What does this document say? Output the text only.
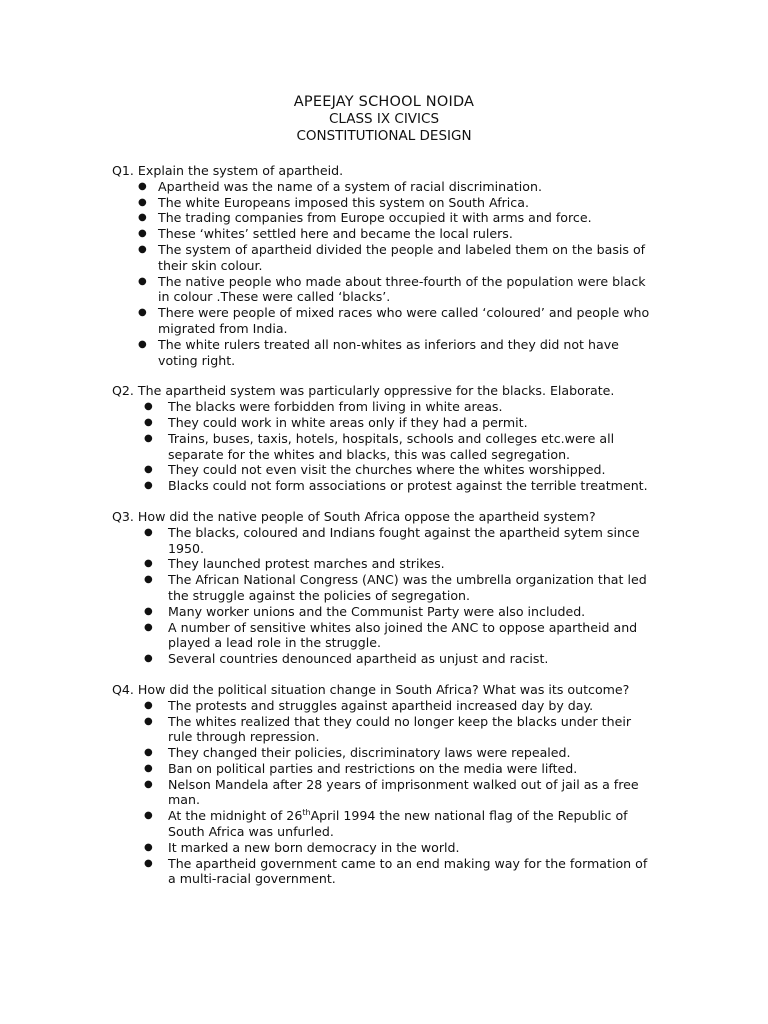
APEEJAY SCHOOL NOIDA
CLASS IX CIVICS
CONSTITUTIONAL DESIGN
Q1. Explain the system of apartheid.
● Apartheid was the name of a system of racial discrimination.
● The white Europeans imposed this system on South Africa.
● The trading companies from Europe occupied it with arms and force.
● These ‘whites’ settled here and became the local rulers.
● The system of apartheid divided the people and labeled them on the basis of their skin colour.
● The native people who made about three-fourth of the population were black in colour .These were called ‘blacks’.
● There were people of mixed races who were called ‘coloured’ and people who migrated from India.
● The white rulers treated all non-whites as inferiors and they did not have voting right.
Q2. The apartheid system was particularly oppressive for the blacks. Elaborate.
● The blacks were forbidden from living in white areas.
● They could work in white areas only if they had a permit.
● Trains, buses, taxis, hotels, hospitals, schools and colleges etc.were all separate for the whites and blacks, this was called segregation.
● They could not even visit the churches where the whites worshipped.
● Blacks could not form associations or protest against the terrible treatment.
Q3. How did the native people of South Africa oppose the apartheid system?
● The blacks, coloured and Indians fought against the apartheid sytem since 1950.
● They launched protest marches and strikes.
● The African National Congress (ANC) was the umbrella organization that led the struggle against the policies of segregation.
● Many worker unions and the Communist Party were also included.
● A number of sensitive whites also joined the ANC to oppose apartheid and played a lead role in the struggle.
● Several countries denounced apartheid as unjust and racist.
Q4. How did the political situation change in South Africa? What was its outcome?
● The protests and struggles against apartheid increased day by day.
● The whites realized that they could no longer keep the blacks under their rule through repression.
● They changed their policies, discriminatory laws were repealed.
● Ban on political parties and restrictions on the media were lifted.
● Nelson Mandela after 28 years of imprisonment walked out of jail as a free man.
● At the midnight of 26thApril 1994 the new national flag of the Republic of South Africa was unfurled.
● It marked a new born democracy in the world.
● The apartheid government came to an end making way for the formation of a multi-racial government.
